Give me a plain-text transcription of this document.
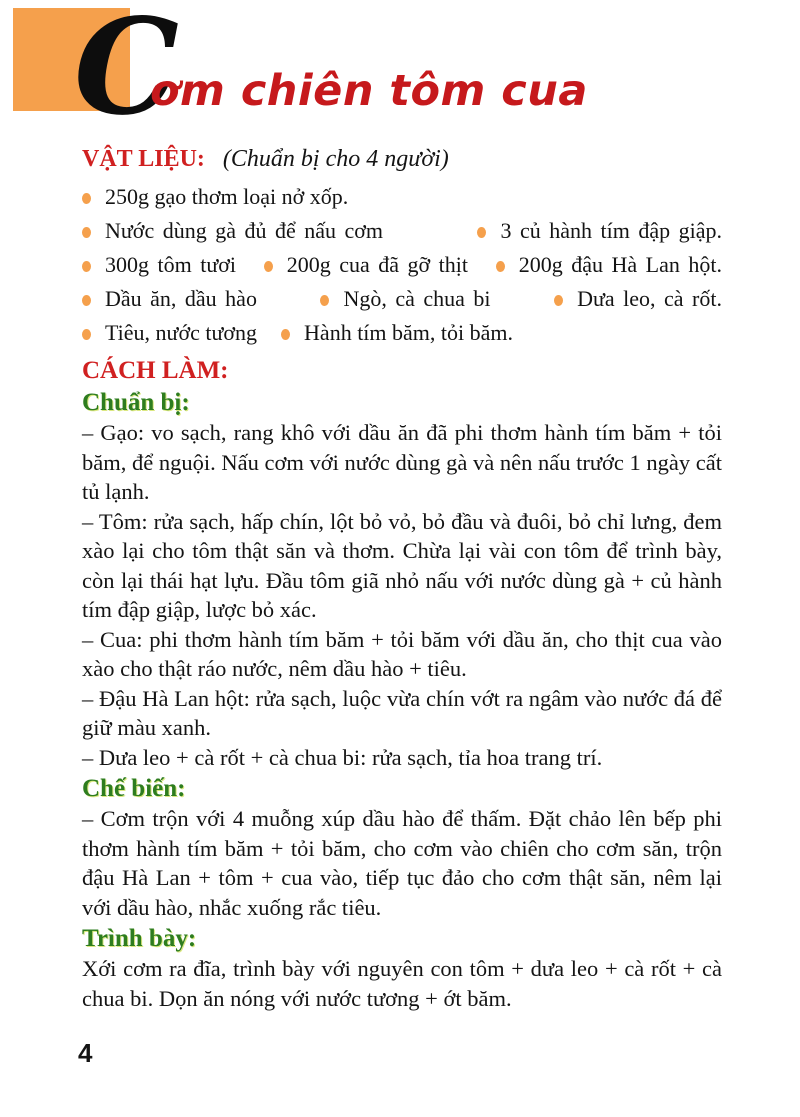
C
ơm chiên tôm cua
VẬT LIỆU: (Chuẩn bị cho 4 người)
250g gạo thơm loại nở xốp.
Nước dùng gà đủ để nấu cơm	3 củ hành tím đập giập.
300g tôm tươi 200g cua đã gỡ thịt 200g đậu Hà Lan hột.
Dầu ăn, dầu hào	Ngò, cà chua bi	Dưa leo, cà rốt.
Tiêu, nước tương Hành tím băm, tỏi băm.
CÁCH LÀM:
Chuẩn bị:

– Gạo: vo sạch, rang khô với dầu ăn đã phi thơm hành tím băm + tỏi băm, để nguội. Nấu cơm với nước dùng gà và nên nấu trước 1 ngày cất tủ lạnh.

– Tôm: rửa sạch, hấp chín, lột bỏ vỏ, bỏ đầu và đuôi, bỏ chỉ lưng, đem xào lại cho tôm thật săn và thơm. Chừa lại vài con tôm để trình bày, còn lại thái hạt lựu. Đầu tôm giã nhỏ nấu với nước dùng gà + củ hành tím đập giập, lược bỏ xác.

– Cua: phi thơm hành tím băm + tỏi băm với dầu ăn, cho thịt cua vào xào cho thật ráo nước, nêm dầu hào + tiêu.

– Đậu Hà Lan hột: rửa sạch, luộc vừa chín vớt ra ngâm vào nước đá để giữ màu xanh.

– Dưa leo + cà rốt + cà chua bi: rửa sạch, tỉa hoa trang trí.

Chế biến:

– Cơm trộn với 4 muỗng xúp dầu hào để thấm. Đặt chảo lên bếp phi thơm hành tím băm + tỏi băm, cho cơm vào chiên cho cơm săn, trộn đậu Hà Lan + tôm + cua vào, tiếp tục đảo cho cơm thật săn, nêm lại với dầu hào, nhắc xuống rắc tiêu.

Trình bày:

Xới cơm ra đĩa, trình bày với nguyên con tôm + dưa leo + cà rốt + cà chua bi. Dọn ăn nóng với nước tương + ớt băm.

4
